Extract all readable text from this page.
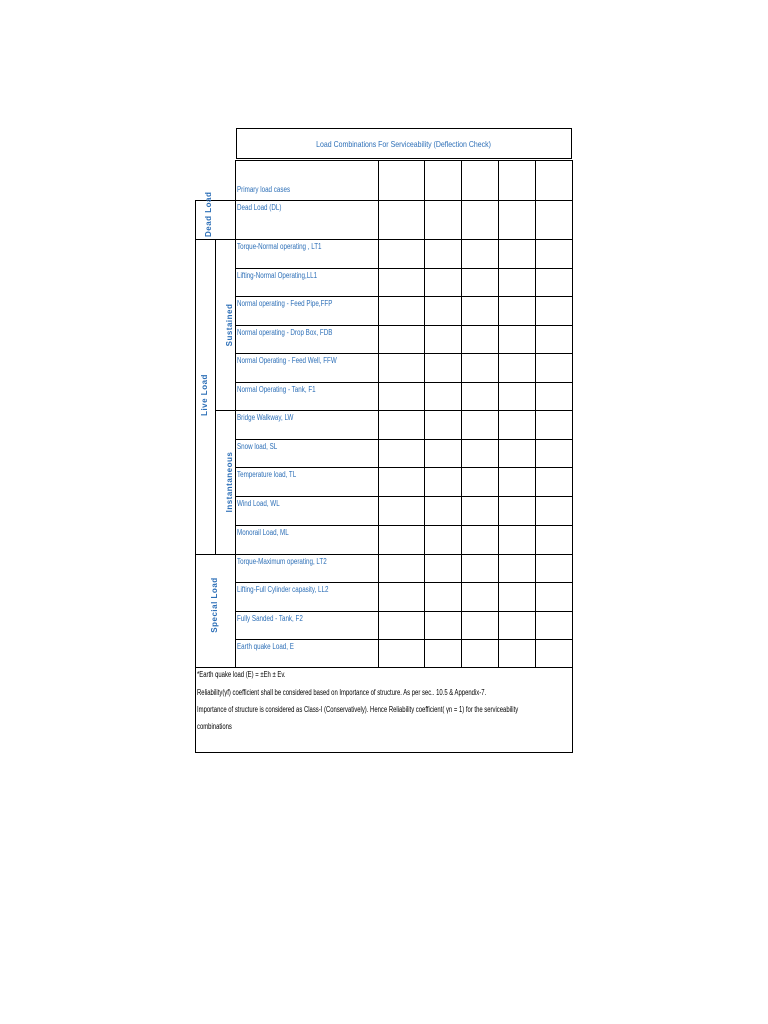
Load Combinations For Serviceability (Deflection Check)
Primary load cases
Dead Load (DL)
Torque-Normal operating , LT1
Lifting-Normal Operating,LL1
Normal operating - Feed Pipe,FFP
Normal operating - Drop Box, FDB
Normal Operating - Feed Well, FFW
Normal Operating - Tank, F1
Bridge Walkway, LW
Snow load, SL
Temperature load, TL
Wind Load, WL
Monorail Load, ML
Torque-Maximum operating, LT2
Lifting-Full Cylinder capasity, LL2
Fully Sanded - Tank, F2
Earth quake Load, E
Dead Load
Live Load
Sustained
Instantaneous
Special Load
*Earth quake load (E) = ±Eh ± Ev.
Reliability(γf) coefficient shall be considered based on Importance of structure. As per sec.. 10.5 & Appendix-7.
Importance of structure is considered as Class-I (Conservatively). Hence Reliability coefficient( γn = 1) for the serviceability
combinations
